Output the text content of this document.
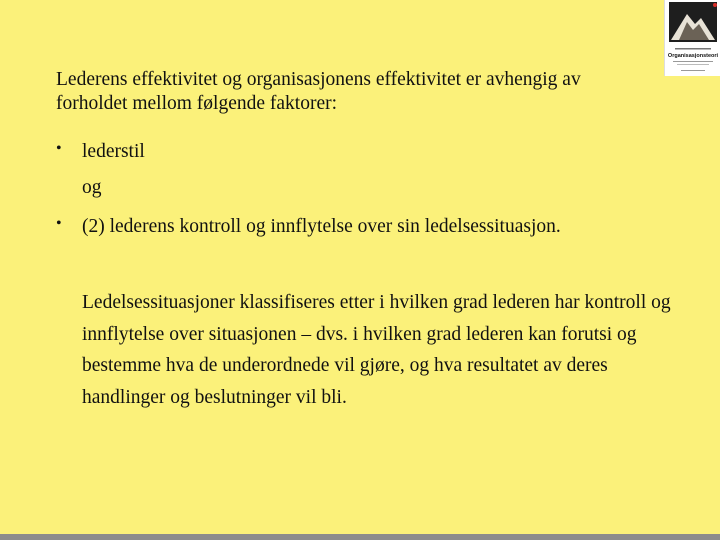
Organisasjonsteori

Lederens effektivitet og organisasjonens effektivitet er avhengig av forholdet mellom følgende faktorer:

• lederstil
og
• (2) lederens kontroll og innflytelse over sin ledelsessituasjon.

Ledelsessituasjoner klassifiseres etter i hvilken grad lederen har kontroll og innflytelse over situasjonen – dvs. i hvilken grad lederen kan forutsi og bestemme hva de underordnede vil gjøre, og hva resultatet av deres handlinger og beslutninger vil bli.
